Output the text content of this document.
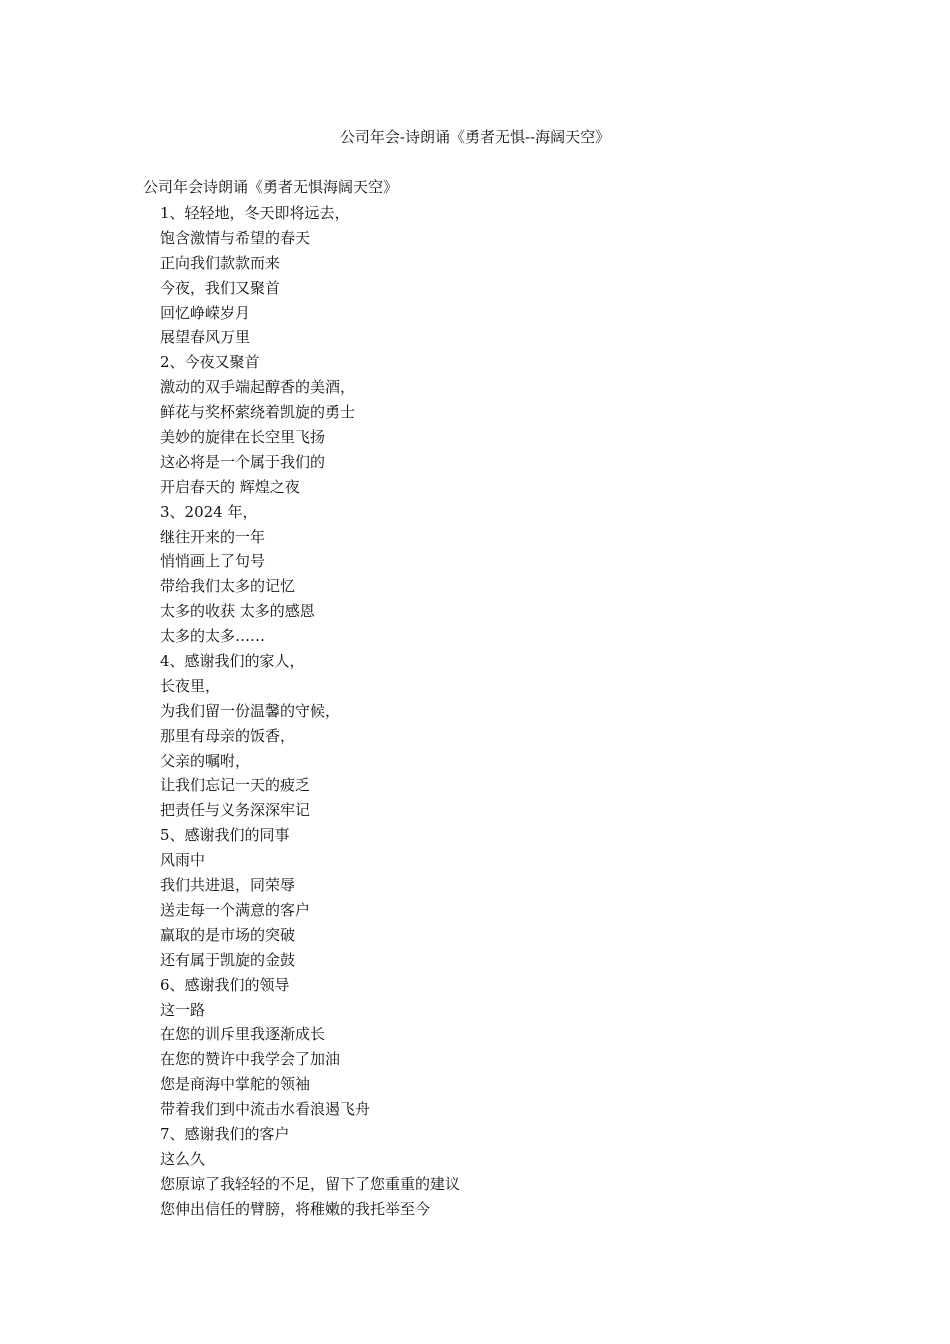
公司年会-诗朗诵《勇者无惧--海阔天空》
公司年会诗朗诵《勇者无惧海阔天空》
1、轻轻地，冬天即将远去，
饱含激情与希望的春天
正向我们款款而来
今夜，我们又聚首
回忆峥嵘岁月
展望春风万里
2、今夜又聚首
激动的双手端起醇香的美酒，
鲜花与奖杯萦绕着凯旋的勇士
美妙的旋律在长空里飞扬
这必将是一个属于我们的
开启春天的 辉煌之夜
3、2024 年，
继往开来的一年
悄悄画上了句号
带给我们太多的记忆
太多的收获 太多的感恩
太多的太多……
4、感谢我们的家人，
长夜里，
为我们留一份温馨的守候，
那里有母亲的饭香，
父亲的嘱咐，
让我们忘记一天的疲乏
把责任与义务深深牢记
5、感谢我们的同事
风雨中
我们共进退，同荣辱
送走每一个满意的客户
赢取的是市场的突破
还有属于凯旋的金鼓
6、感谢我们的领导
这一路
在您的训斥里我逐渐成长
在您的赞许中我学会了加油
您是商海中掌舵的领袖
带着我们到中流击水看浪遏飞舟
7、感谢我们的客户
这么久
您原谅了我轻轻的不足，留下了您重重的建议
您伸出信任的臂膀，将稚嫩的我托举至今
